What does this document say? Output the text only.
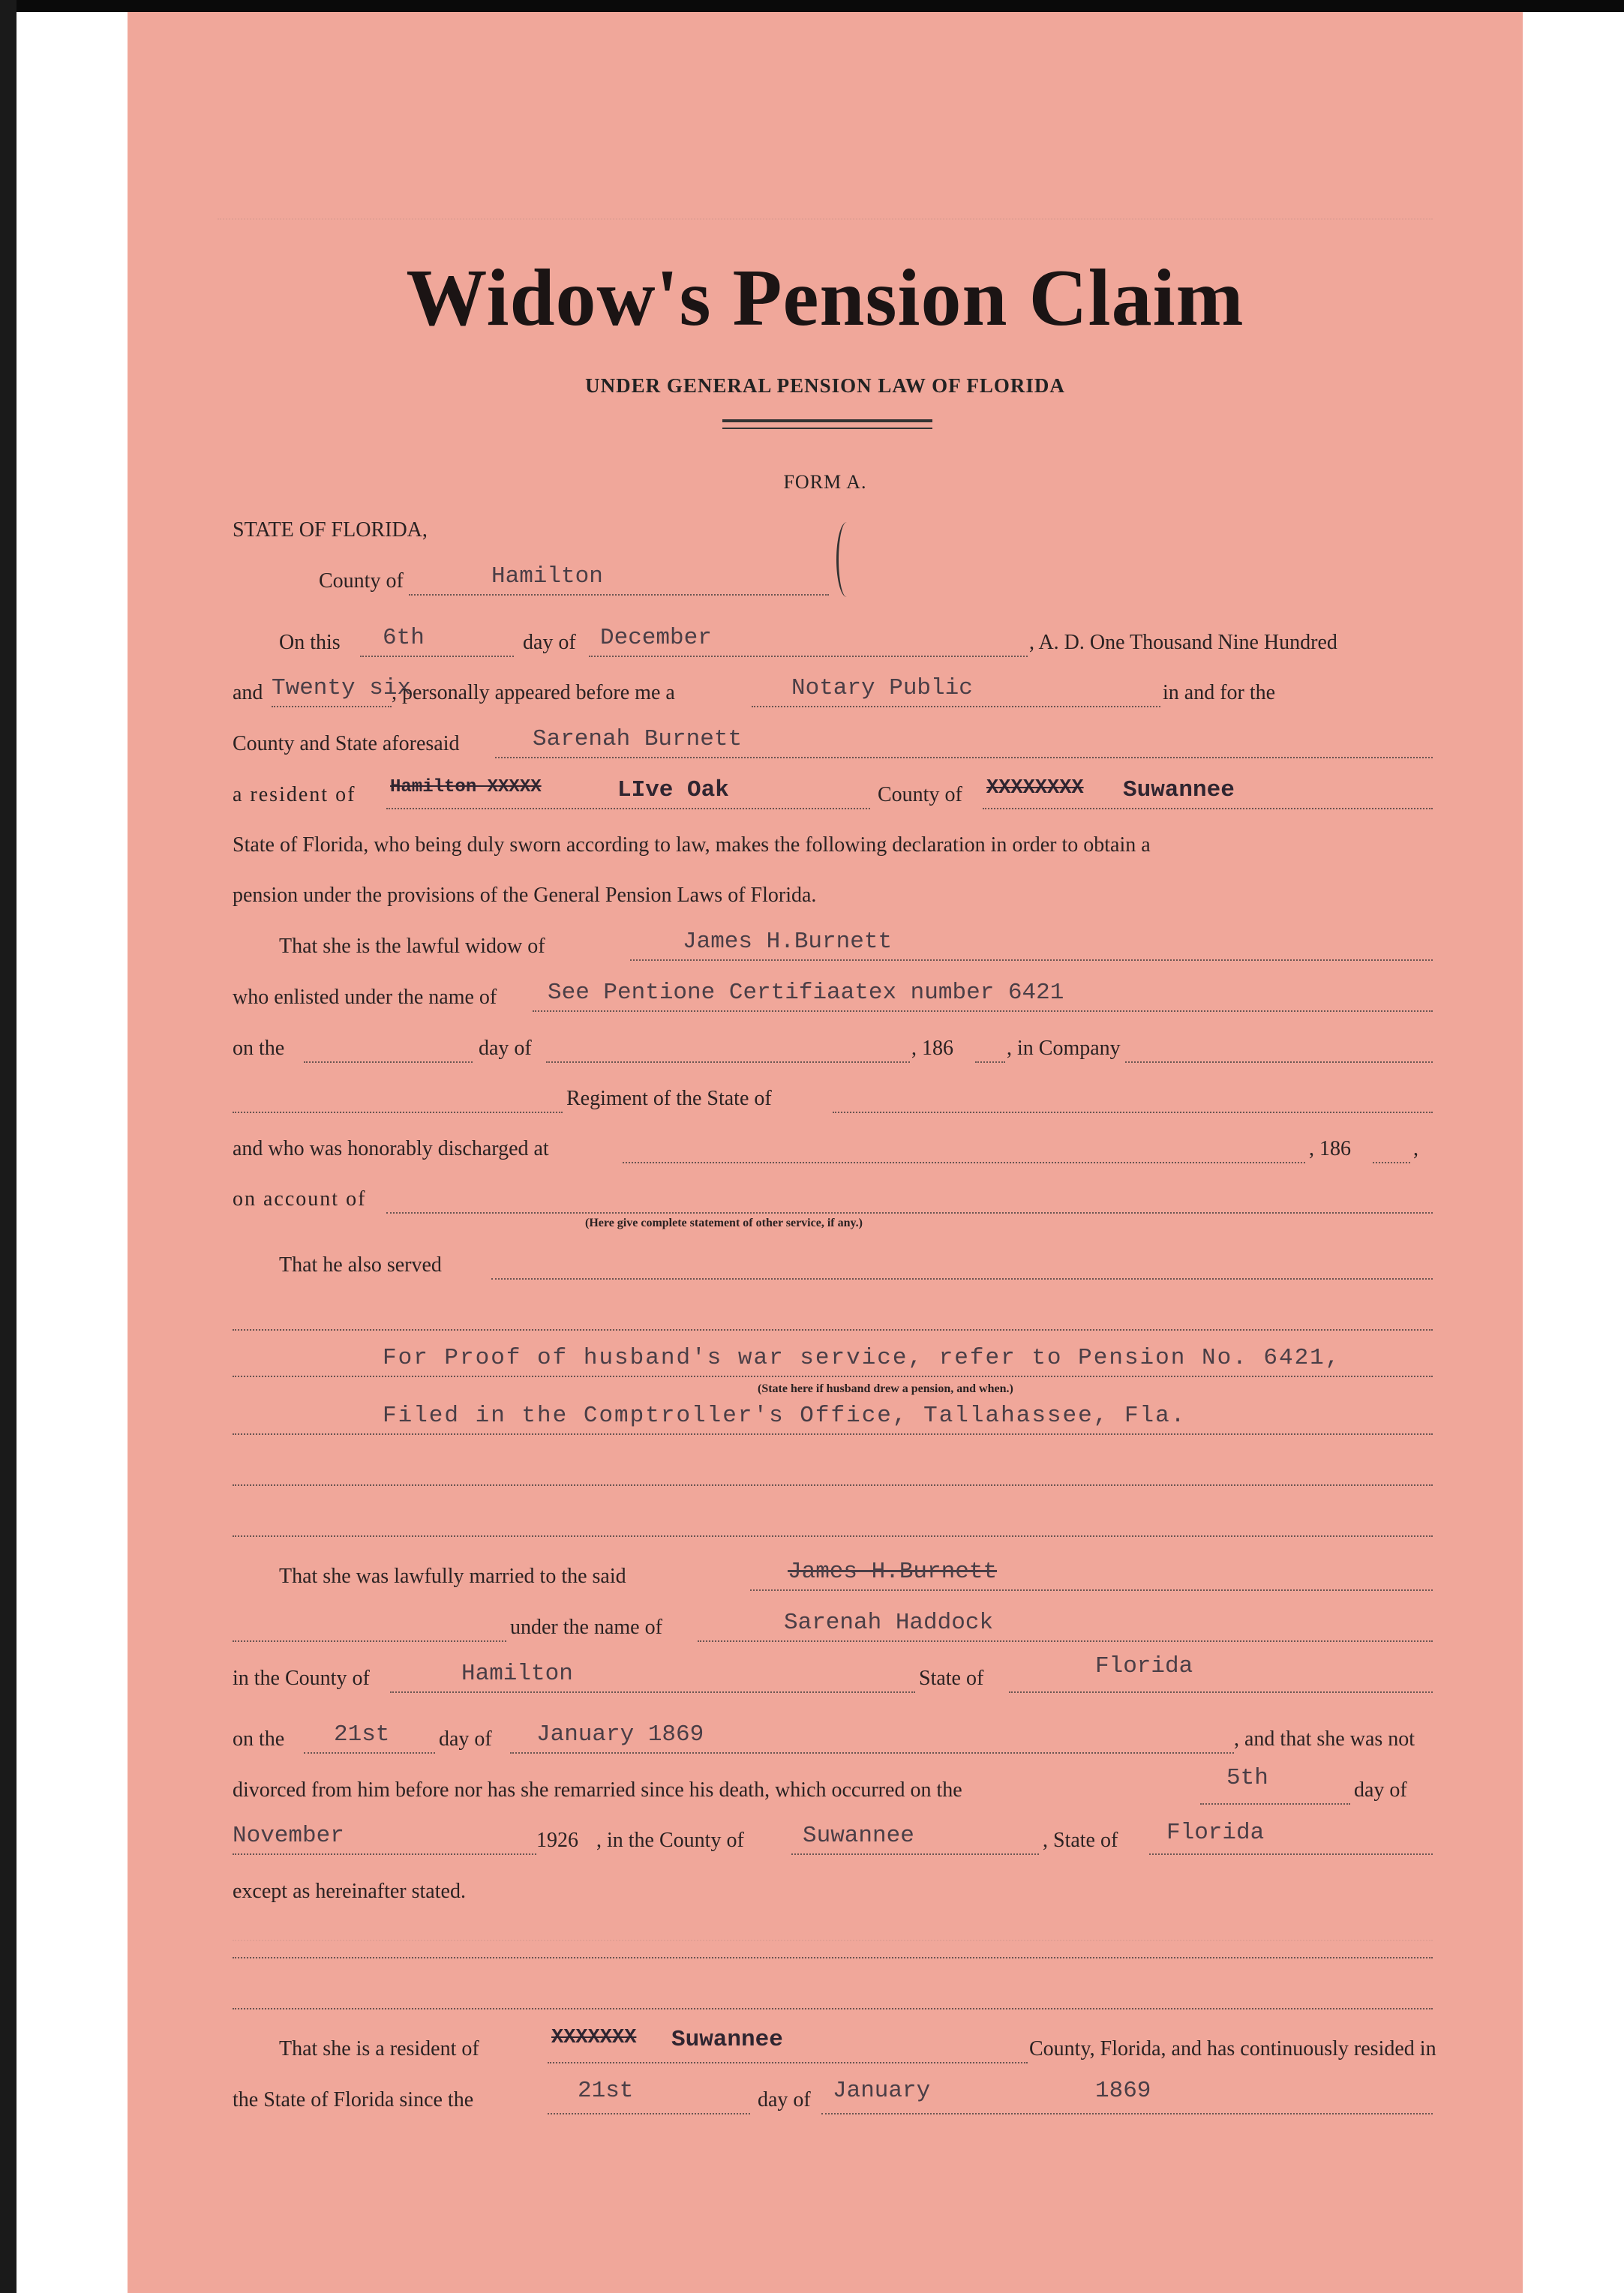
Widow's Pension Claim
UNDER GENERAL PENSION LAW OF FLORIDA
FORM A.
STATE OF FLORIDA,
County of	Hamilton
On this 6th	day of December	, A. D. One Thousand Nine Hundred
and Twenty six
, personally appeared before me a	Notary Public	in and for the
County and State aforesaid	Sarenah Burnett
a resident of Hamilton XXXXX	LIve Oak	County of XXXXXXXX Suwannee
State of Florida, who being duly sworn according to law, makes the following declaration in order to obtain a
pension under the provisions of the General Pension Laws of Florida.
That she is the lawful widow of	James H.Burnett
who enlisted under the name of See Pentione Certifiaatex number 6421
on the	day of	, 186	, in Company
Regiment of the State of
and who was honorably discharged at	, 186	,
on account of
(Here give complete statement of other service, if any.)
That he also served
For Proof of husband's war service, refer to Pension No. 6421,
(State here if husband drew a pension, and when.)
Filed in the Comptroller's Office, Tallahassee, Fla.
That she was lawfully married to the said	James H.Burnett
under the name of	Sarenah Haddock
in the County of	Hamilton	State of	Florida
on the 21st day of January 1869	, and that she was not
divorced from him before nor has she remarried since his death, which occurred on the	5th	day of
November	1926 , in the County of	Suwannee	, State of Florida
except as hereinafter stated.
That she is a resident of	XXXXXXX Suwannee	County, Florida, and has continuously resided in
the State of Florida since the	21st	day of January	1869
